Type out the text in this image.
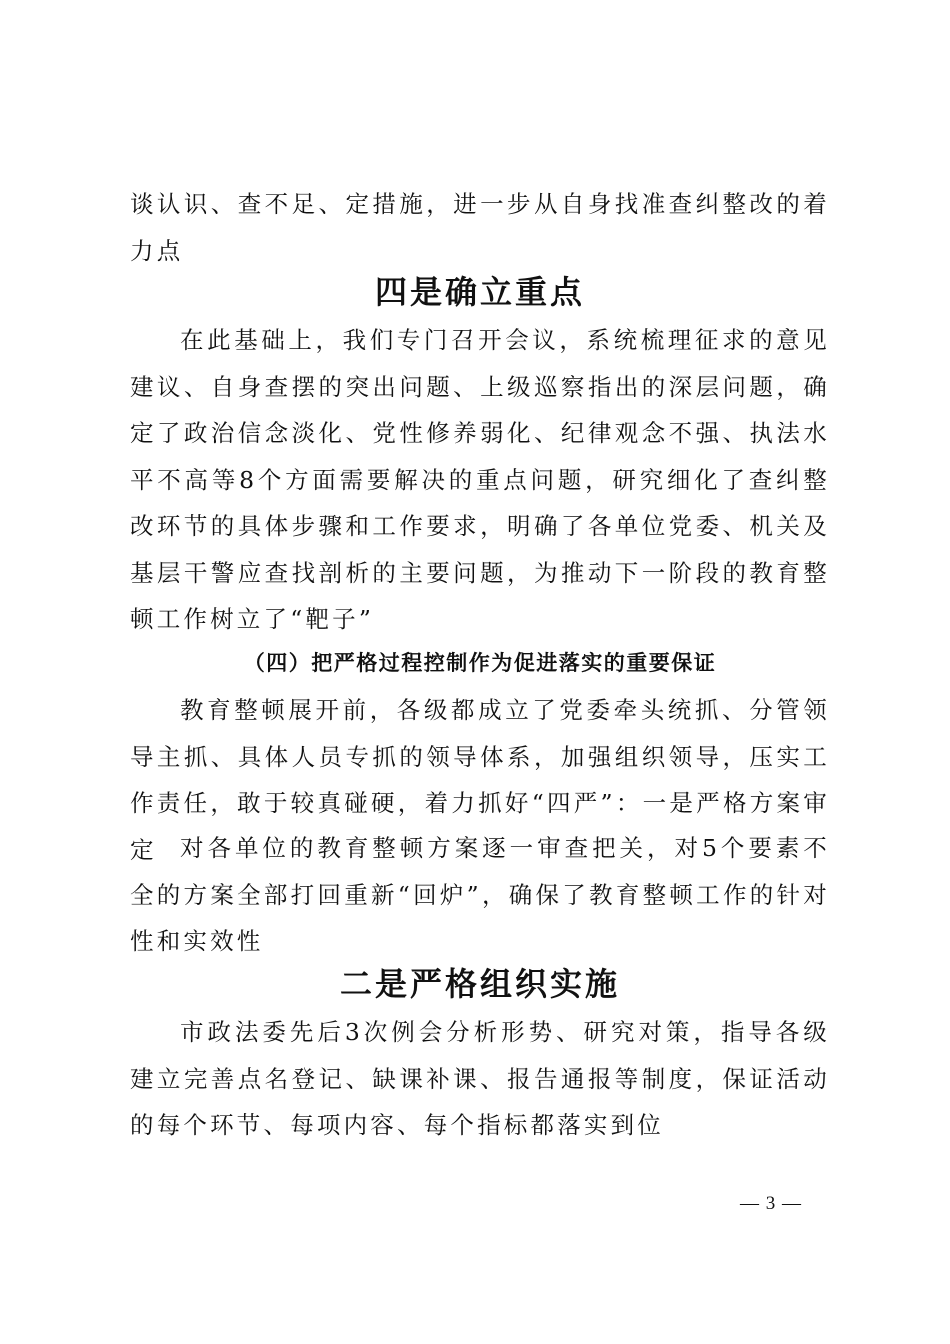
谈认识、查不足、定措施，进一步从自身找准查纠整改的着力点

四是确立重点

在此基础上，我们专门召开会议，系统梳理征求的意见建议、自身查摆的突出问题、上级巡察指出的深层问题，确定了政治信念淡化、党性修养弱化、纪律观念不强、执法水平不高等8个方面需要解决的重点问题，研究细化了查纠整改环节的具体步骤和工作要求，明确了各单位党委、机关及基层干警应查找剖析的主要问题，为推动下一阶段的教育整顿工作树立了“靶子”

（四）把严格过程控制作为促进落实的重要保证

教育整顿展开前，各级都成立了党委牵头统抓、分管领导主抓、具体人员专抓的领导体系，加强组织领导，压实工作责任，敢于较真碰硬，着力抓好“四严”：一是严格方案审定 对各单位的教育整顿方案逐一审查把关，对5个要素不全的方案全部打回重新“回炉”，确保了教育整顿工作的针对性和实效性

二是严格组织实施

市政法委先后3次例会分析形势、研究对策，指导各级建立完善点名登记、缺课补课、报告通报等制度，保证活动的每个环节、每项内容、每个指标都落实到位

— 3 —
